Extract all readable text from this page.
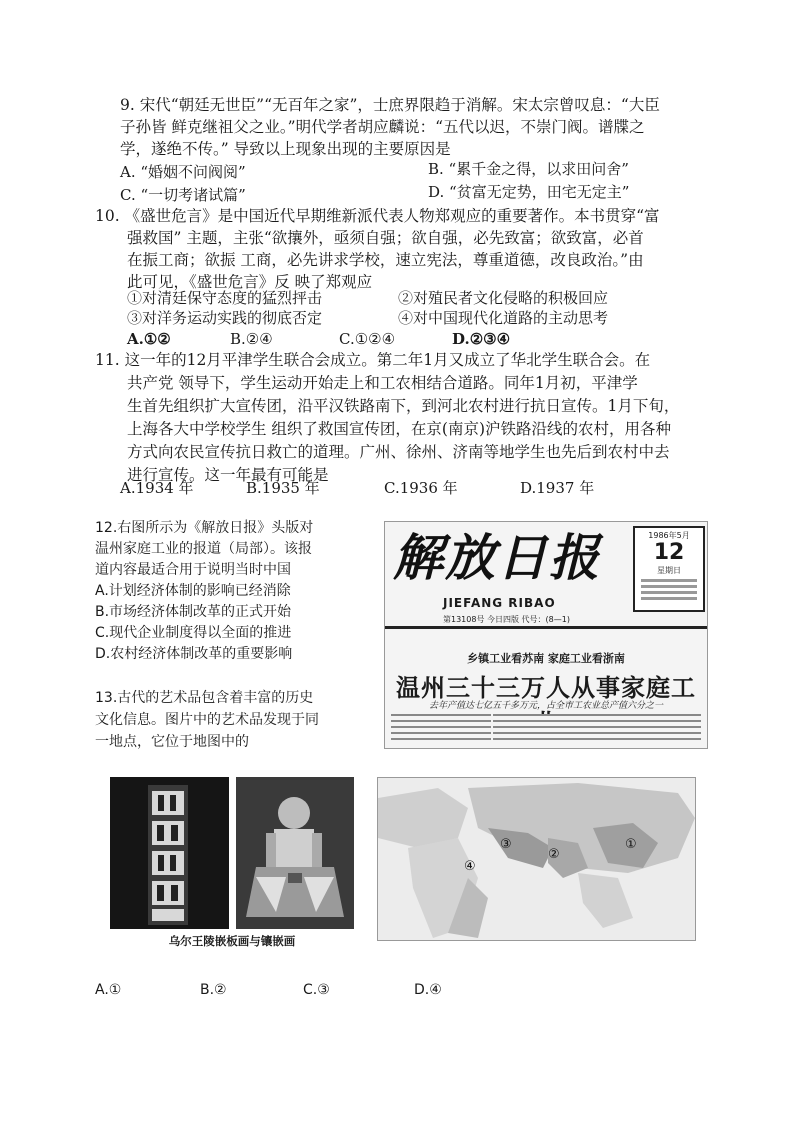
9. 宋代“朝廷无世臣”“无百年之家”，士庶界限趋于消解。宋太宗曾叹息：“大臣
子孙皆 鲜克继祖父之业。”明代学者胡应麟说：“五代以迟，不崇门阀。谱牒之
学，遂绝不传。” 导致以上现象出现的主要原因是
A. “婚姻不问阀阅”	B. “累千金之得，以求田问舍”
C. “一切考诸试篇”	D. “贫富无定势，田宅无定主”
10. 《盛世危言》是中国近代早期维新派代表人物郑观应的重要著作。本书贯穿“富
强救国” 主题，主张“欲攘外，亟须自强；欲自强，必先致富；欲致富，必首
在振工商；欲振 工商，必先讲求学校，速立宪法，尊重道德，改良政治。”由
此可见，《盛世危言》反 映了郑观应
①对清廷保守态度的猛烈抨击	②对殖民者文化侵略的积极回应
③对洋务运动实践的彻底否定	④对中国现代化道路的主动思考
A.①②	B.②④	C.①②④	D.②③④
11. 这一年的12月平津学生联合会成立。第二年1月又成立了华北学生联合会。在
共产党 领导下，学生运动开始走上和工农相结合道路。同年1月初，平津学
生首先组织扩大宣传团，沿平汉铁路南下，到河北农村进行抗日宣传。1月下旬，
上海各大中学校学生 组织了救国宣传团，在京(南京)沪铁路沿线的农村，用各种
方式向农民宣传抗日救亡的道理。广州、徐州、济南等地学生也先后到农村中去
进行宣传。这一年最有可能是
A.1934 年	B.1935 年	C.1936 年	D.1937 年
12.右图所示为《解放日报》头版对
温州家庭工业的报道（局部）。该报
道内容最适合用于说明当时中国
A.计划经济体制的影响已经消除
B.市场经济体制改革的正式开始
C.现代企业制度得以全面的推进
D.农村经济体制改革的重要影响
解放日报
JIEFANG RIBAO
1986年5月
12
星期日
第13108号 今日四版 代号：(8—1)
乡镇工业看苏南 家庭工业看浙南
温州三十三万人从事家庭工
去年产值达七亿五千多万元，占全市工农业总产值六分之一
13.古代的艺术品包含着丰富的历史
文化信息。图片中的艺术品发现于同
一地点，它位于地图中的
乌尔王陵嵌板画与镶嵌画
①
②
③
④
A.①	B.②	C.③	D.④
